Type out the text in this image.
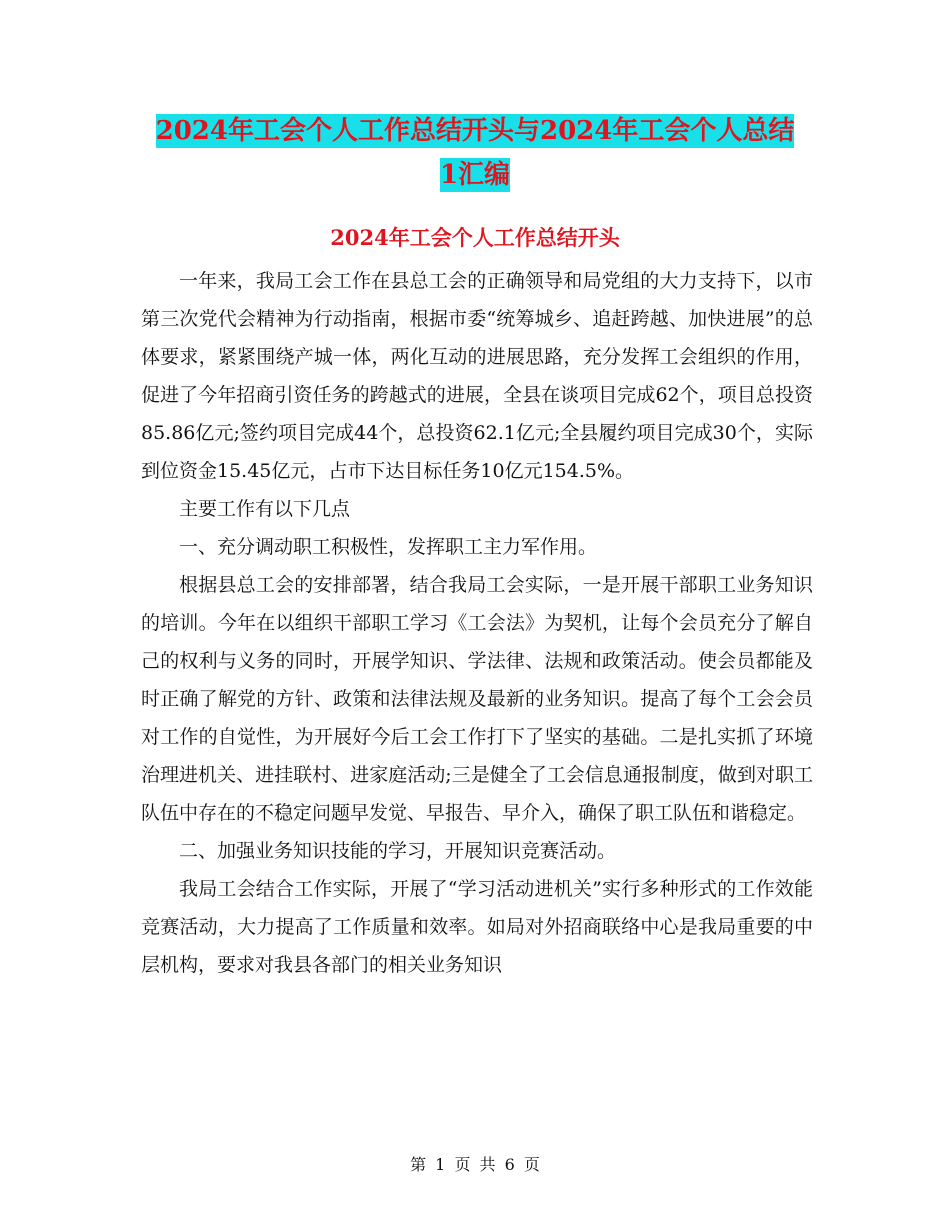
2024年工会个人工作总结开头与2024年工会个人总结
1汇编
2024年工会个人工作总结开头

一年来，我局工会工作在县总工会的正确领导和局党组的大力支持下，以市第三次党代会精神为行动指南，根据市委“统筹城乡、追赶跨越、加快进展”的总体要求，紧紧围绕产城一体，两化互动的进展思路，充分发挥工会组织的作用，促进了今年招商引资任务的跨越式的进展，全县在谈项目完成62个，项目总投资85.86亿元;签约项目完成44个，总投资62.1亿元;全县履约项目完成30个，实际到位资金15.45亿元，占市下达目标任务10亿元154.5%。

主要工作有以下几点

一、充分调动职工积极性，发挥职工主力军作用。

根据县总工会的安排部署，结合我局工会实际，一是开展干部职工业务知识的培训。今年在以组织干部职工学习《工会法》为契机，让每个会员充分了解自己的权利与义务的同时，开展学知识、学法律、法规和政策活动。使会员都能及时正确了解党的方针、政策和法律法规及最新的业务知识。提高了每个工会会员对工作的自觉性，为开展好今后工会工作打下了坚实的基础。二是扎实抓了环境治理进机关、进挂联村、进家庭活动;三是健全了工会信息通报制度，做到对职工队伍中存在的不稳定问题早发觉、早报告、早介入，确保了职工队伍和谐稳定。

二、加强业务知识技能的学习，开展知识竞赛活动。

我局工会结合工作实际，开展了“学习活动进机关”实行多种形式的工作效能竞赛活动，大力提高了工作质量和效率。如局对外招商联络中心是我局重要的中层机构，要求对我县各部门的相关业务知识

第 1 页 共 6 页
